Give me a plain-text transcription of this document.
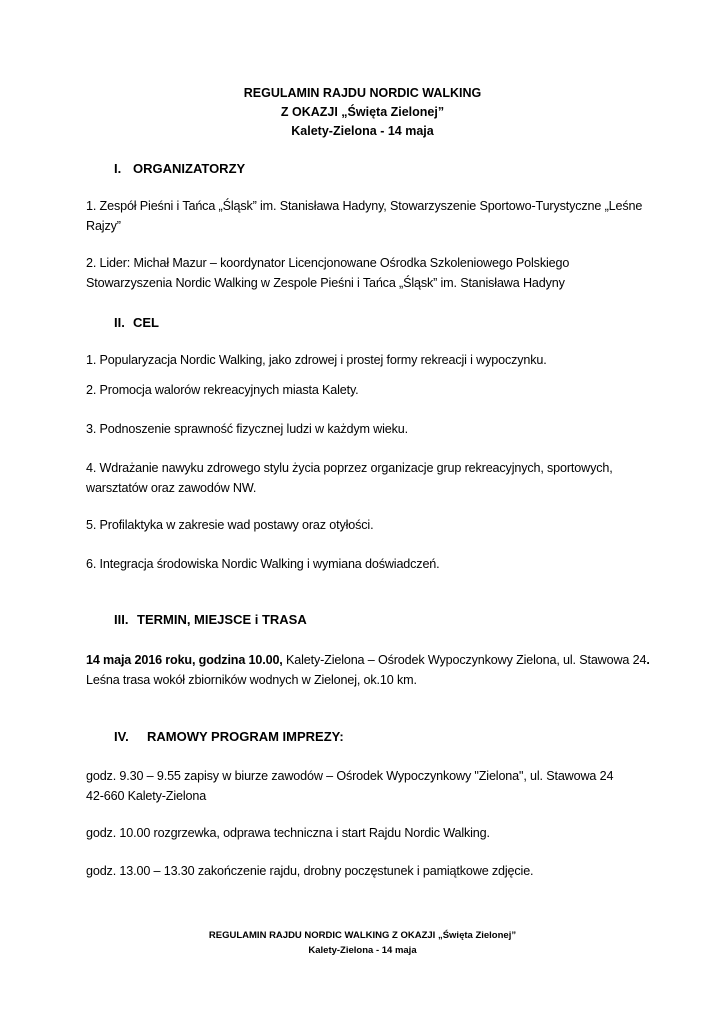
REGULAMIN RAJDU NORDIC WALKING
Z OKAZJI „Święta Zielonej”
Kalety-Zielona - 14 maja
I. ORGANIZATORZY
1. Zespół Pieśni i Tańca „Śląsk” im. Stanisława Hadyny, Stowarzyszenie Sportowo-Turystyczne „Leśne
Rajzy”
2. Lider: Michał Mazur – koordynator Licencjonowane Ośrodka Szkoleniowego Polskiego
Stowarzyszenia Nordic Walking w Zespole Pieśni i Tańca „Śląsk” im. Stanisława Hadyny
II. CEL
1. Popularyzacja Nordic Walking, jako zdrowej i prostej formy rekreacji i wypoczynku.
2. Promocja walorów rekreacyjnych miasta Kalety.
3. Podnoszenie sprawność fizycznej ludzi w każdym wieku.
4. Wdrażanie nawyku zdrowego stylu życia poprzez organizacje grup rekreacyjnych, sportowych,
warsztatów oraz zawodów NW.
5. Profilaktyka w zakresie wad postawy oraz otyłości.
6. Integracja środowiska Nordic Walking i wymiana doświadczeń.
III. TERMIN, MIEJSCE i TRASA
14 maja 2016 roku, godzina 10.00, Kalety-Zielona – Ośrodek Wypoczynkowy Zielona, ul. Stawowa 24.
Leśna trasa wokół zbiorników wodnych w Zielonej, ok.10 km.
IV. RAMOWY PROGRAM IMPREZY:
godz. 9.30 – 9.55 zapisy w biurze zawodów – Ośrodek Wypoczynkowy "Zielona", ul. Stawowa 24
42-660 Kalety-Zielona
godz. 10.00 rozgrzewka, odprawa techniczna i start Rajdu Nordic Walking.
godz. 13.00 – 13.30 zakończenie rajdu, drobny poczęstunek i pamiątkowe zdjęcie.
REGULAMIN RAJDU NORDIC WALKING Z OKAZJI „Święta Zielonej”
Kalety-Zielona - 14 maja
